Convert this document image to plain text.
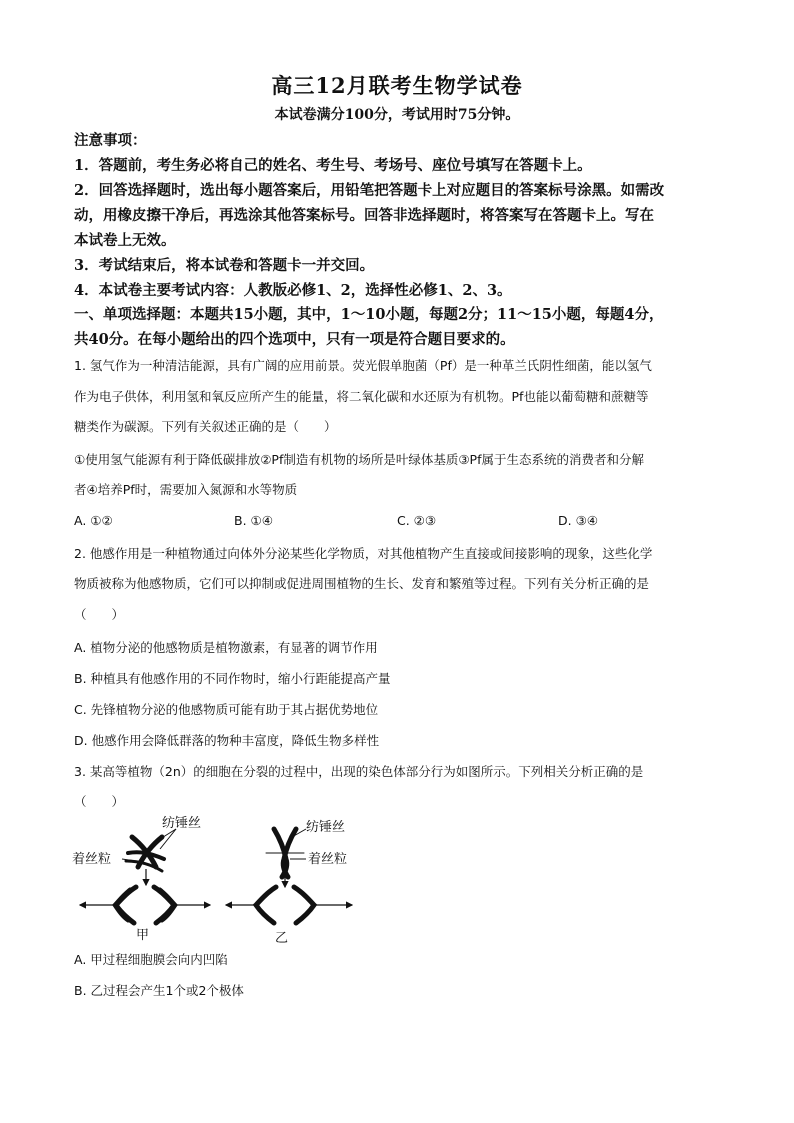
高三12月联考生物学试卷
本试卷满分100分，考试用时75分钟。
注意事项：
1．答题前，考生务必将自己的姓名、考生号、考场号、座位号填写在答题卡上。
2．回答选择题时，选出每小题答案后，用铅笔把答题卡上对应题目的答案标号涂黑。如需改
动，用橡皮擦干净后，再选涂其他答案标号。回答非选择题时，将答案写在答题卡上。写在
本试卷上无效。
3．考试结束后，将本试卷和答题卡一并交回。
4．本试卷主要考试内容：人教版必修1、2，选择性必修1、2、3。
一、单项选择题：本题共15小题，其中，1～10小题，每题2分；11～15小题，每题4分，
共40分。在每小题给出的四个选项中，只有一项是符合题目要求的。
1. 氢气作为一种清洁能源，具有广阔的应用前景。荧光假单胞菌（Pf）是一种革兰氏阴性细菌，能以氢气
作为电子供体，利用氢和氧反应所产生的能量，将二氧化碳和水还原为有机物。Pf也能以葡萄糖和蔗糖等
糖类作为碳源。下列有关叙述正确的是（　　）
①使用氢气能源有利于降低碳排放②Pf制造有机物的场所是叶绿体基质③Pf属于生态系统的消费者和分解
者④培养Pf时，需要加入氮源和水等物质
A. ①②	B. ①④	C. ②③	D. ③④
2. 他感作用是一种植物通过向体外分泌某些化学物质，对其他植物产生直接或间接影响的现象，这些化学
物质被称为他感物质，它们可以抑制或促进周围植物的生长、发育和繁殖等过程。下列有关分析正确的是
（　　）
A. 植物分泌的他感物质是植物激素，有显著的调节作用
B. 种植具有他感作用的不同作物时，缩小行距能提高产量
C. 先锋植物分泌的他感物质可能有助于其占据优势地位
D. 他感作用会降低群落的物种丰富度，降低生物多样性
3. 某高等植物（2n）的细胞在分裂的过程中，出现的染色体部分行为如图所示。下列相关分析正确的是
（　　）
纺锤丝
着丝粒
甲
纺锤丝
着丝粒
乙
A. 甲过程细胞膜会向内凹陷
B. 乙过程会产生1个或2个极体
